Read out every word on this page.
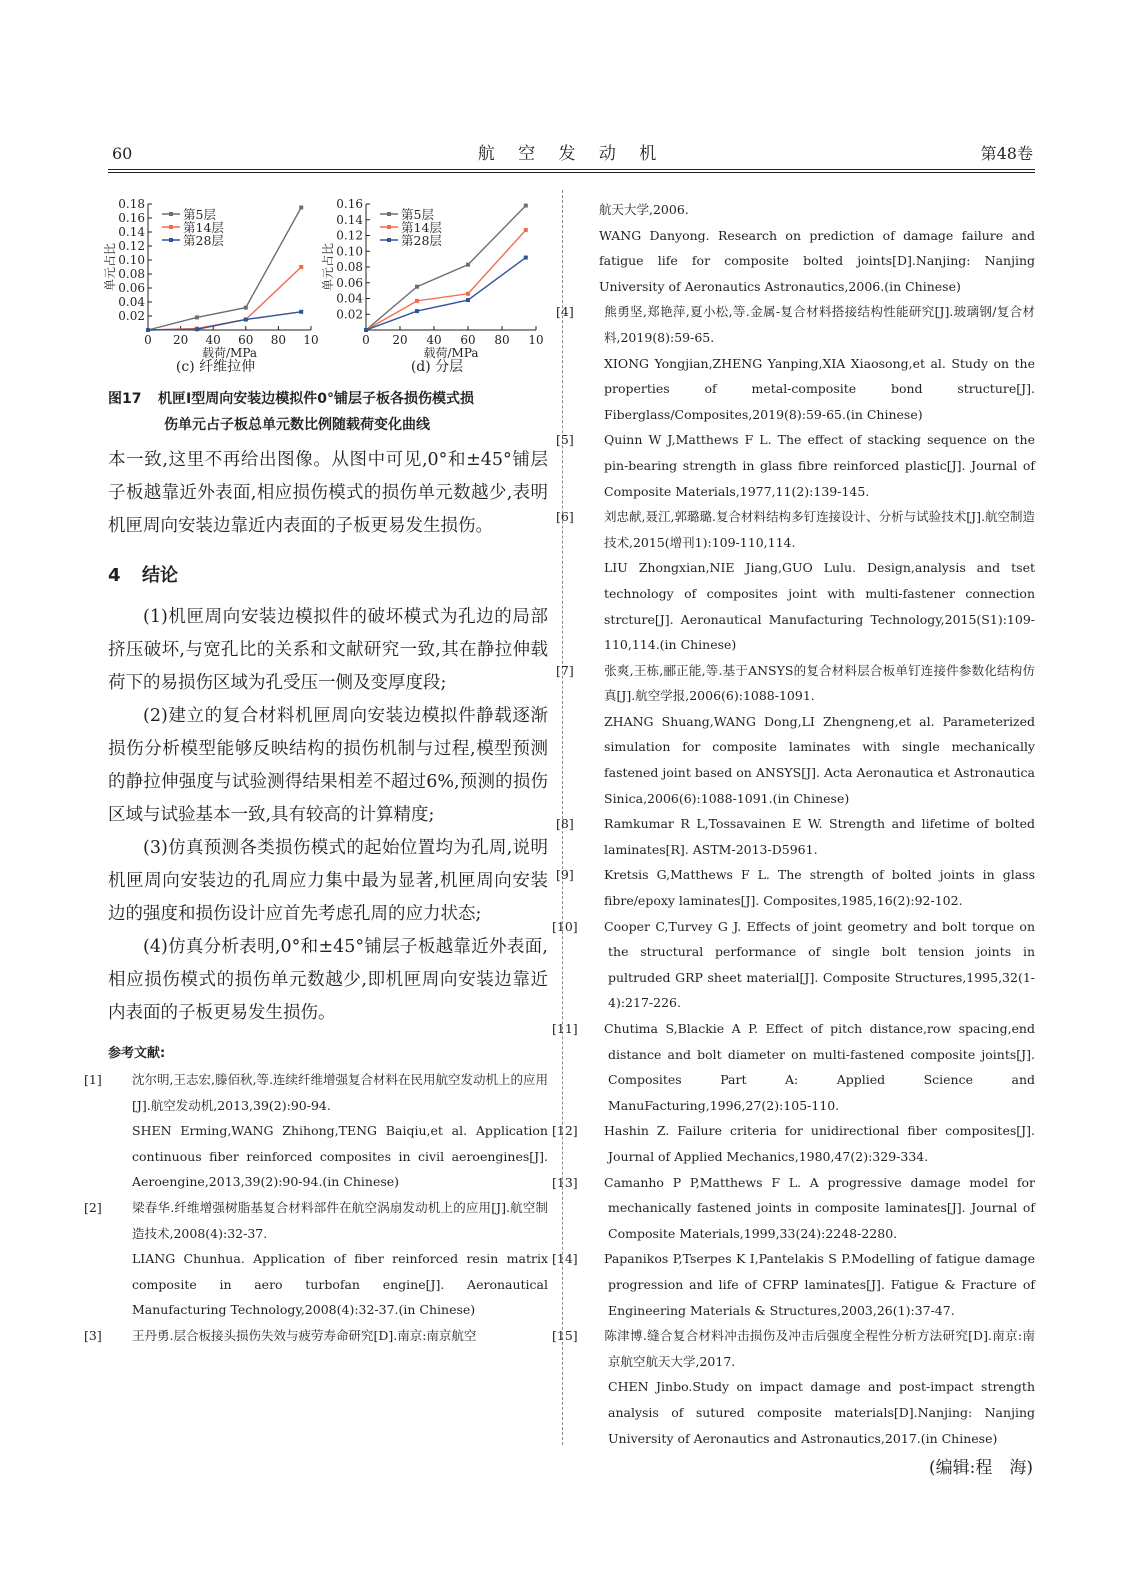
航 空 发 动 机
60	第48卷
0.02
0.04
0.06
0.08
0.10
0.12
0.14
0.16
0.18
0 20 40 60 80 10
载荷/MPa
单元占比
第5层
第14层
第28层
(c) 纤维拉伸
0.02
0.04
0.06
0.08
0.10
0.12
0.14
0.16
0 20 40 60 80 10
载荷/MPa
单元占比
第5层
第14层
第28层
(d) 分层
图17 机匣Ⅰ型周向安装边模拟件0°铺层子板各损伤模式损
伤单元占子板总单元数比例随载荷变化曲线

本一致,这里不再给出图像。从图中可见,0°和±45°铺层子板越靠近外表面,相应损伤模式的损伤单元数越少,表明机匣周向安装边靠近内表面的子板更易发生损伤。

4 结论

(1)机匣周向安装边模拟件的破坏模式为孔边的局部挤压破坏,与宽孔比的关系和文献研究一致,其在静拉伸载荷下的易损伤区域为孔受压一侧及变厚度段;

(2)建立的复合材料机匣周向安装边模拟件静载逐渐损伤分析模型能够反映结构的损伤机制与过程,模型预测的静拉伸强度与试验测得结果相差不超过6%,预测的损伤区域与试验基本一致,具有较高的计算精度;

(3)仿真预测各类损伤模式的起始位置均为孔周,说明机匣周向安装边的孔周应力集中最为显著,机匣周向安装边的强度和损伤设计应首先考虑孔周的应力状态;

(4)仿真分析表明,0°和±45°铺层子板越靠近外表面,相应损伤模式的损伤单元数越少,即机匣周向安装边靠近内表面的子板更易发生损伤。

参考文献:
[1] 沈尔明,王志宏,滕佰秋,等.连续纤维增强复合材料在民用航空发动机上的应用[J].航空发动机,2013,39(2):90-94.
SHEN Erming,WANG Zhihong,TENG Baiqiu,et al. Application continuous fiber reinforced composites in civil aeroengines[J]. Aeroengine,2013,39(2):90-94.(in Chinese)
[2] 梁春华.纤维增强树脂基复合材料部件在航空涡扇发动机上的应用[J].航空制造技术,2008(4):32-37.
LIANG Chunhua. Application of fiber reinforced resin matrix composite in aero turbofan engine[J]. Aeronautical Manufacturing Technology,2008(4):32-37.(in Chinese)
[3] 王丹勇.层合板接头损伤失效与疲劳寿命研究[D].南京:南京航空
航天大学,2006.
WANG Danyong. Research on prediction of damage failure and fatigue life for composite bolted joints[D].Nanjing: Nanjing University of Aeronautics Astronautics,2006.(in Chinese)
[4] 熊勇坚,郑艳萍,夏小松,等.金属-复合材料搭接结构性能研究[J].玻璃钢/复合材料,2019(8):59-65.
XIONG Yongjian,ZHENG Yanping,XIA Xiaosong,et al. Study on the properties of metal-composite bond structure[J]. Fiberglass/Composites,2019(8):59-65.(in Chinese)
[5] Quinn W J,Matthews F L. The effect of stacking sequence on the pin-bearing strength in glass fibre reinforced plastic[J]. Journal of Composite Materials,1977,11(2):139-145.
[6] 刘忠献,聂江,郭璐璐.复合材料结构多钉连接设计、分析与试验技术[J].航空制造技术,2015(增刊1):109-110,114.
LIU Zhongxian,NIE Jiang,GUO Lulu. Design,analysis and tset technology of composites joint with multi-fastener connection strcture[J]. Aeronautical Manufacturing Technology,2015(S1):109-110,114.(in Chinese)
[7] 张爽,王栋,郦正能,等.基于ANSYS的复合材料层合板单钉连接件参数化结构仿真[J].航空学报,2006(6):1088-1091.
ZHANG Shuang,WANG Dong,LI Zhengneng,et al. Parameterized simulation for composite laminates with single mechanically fastened joint based on ANSYS[J]. Acta Aeronautica et Astronautica Sinica,2006(6):1088-1091.(in Chinese)
[8] Ramkumar R L,Tossavainen E W. Strength and lifetime of bolted laminates[R]. ASTM-2013-D5961.
[9] Kretsis G,Matthews F L. The strength of bolted joints in glass fibre/epoxy laminates[J]. Composites,1985,16(2):92-102.
[10] Cooper C,Turvey G J. Effects of joint geometry and bolt torque on the structural performance of single bolt tension joints in pultruded GRP sheet material[J]. Composite Structures,1995,32(1-4):217-226.
[11] Chutima S,Blackie A P. Effect of pitch distance,row spacing,end distance and bolt diameter on multi-fastened composite joints[J]. Composites Part A: Applied Science and ManuFacturing,1996,27(2):105-110.
[12] Hashin Z. Failure criteria for unidirectional fiber composites[J]. Journal of Applied Mechanics,1980,47(2):329-334.
[13] Camanho P P,Matthews F L. A progressive damage model for mechanically fastened joints in composite laminates[J]. Journal of Composite Materials,1999,33(24):2248-2280.
[14] Papanikos P,Tserpes K I,Pantelakis S P.Modelling of fatigue damage progression and life of CFRP laminates[J]. Fatigue & Fracture of Engineering Materials & Structures,2003,26(1):37-47.
[15] 陈津博.缝合复合材料冲击损伤及冲击后强度全程性分析方法研究[D].南京:南京航空航天大学,2017.
CHEN Jinbo.Study on impact damage and post-impact strength analysis of sutured composite materials[D].Nanjing: Nanjing University of Aeronautics and Astronautics,2017.(in Chinese)
(编辑:程　海)
